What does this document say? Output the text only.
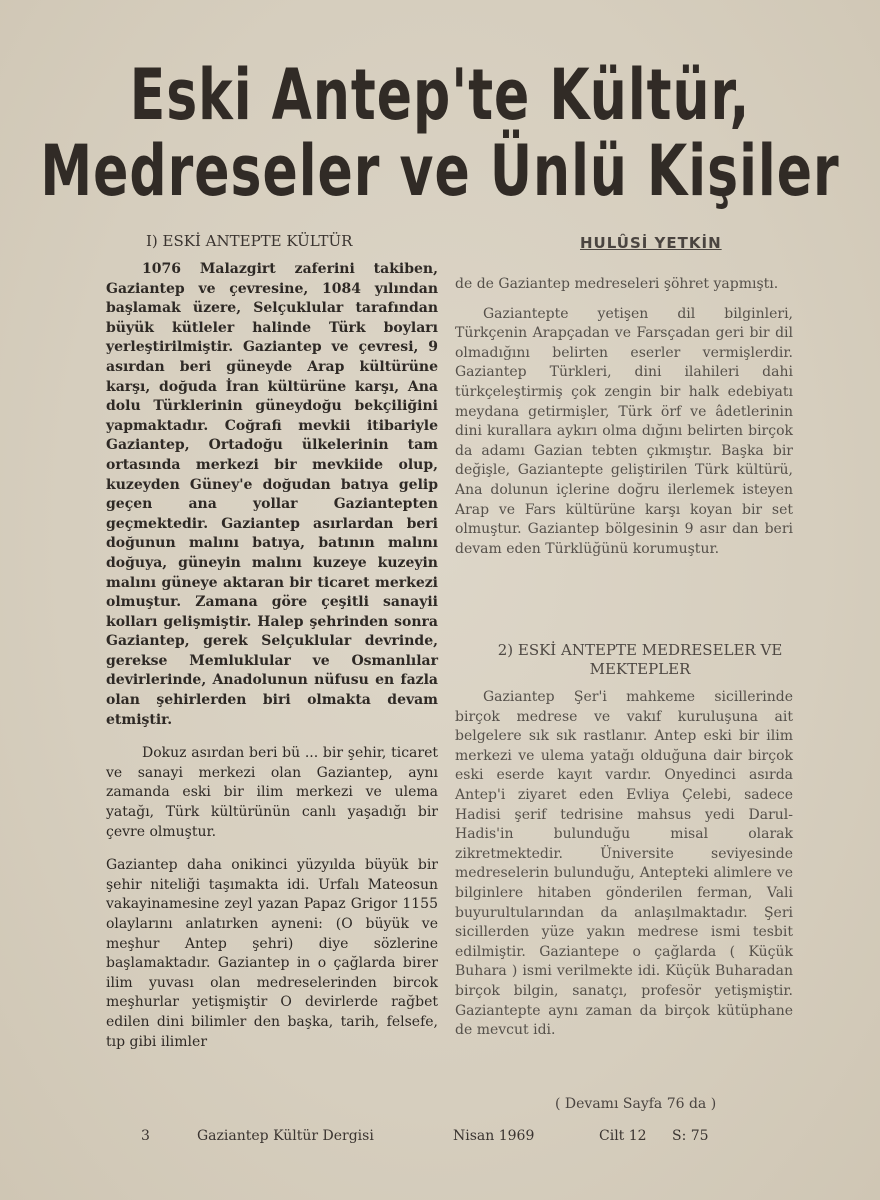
Eski Antep'te Kültür,
Medreseler ve Ünlü Kişiler
I) ESKİ ANTEPTE KÜLTÜR	HULÛSİ YETKİN

1076 Malazgirt zaferini takiben, Gaziantep ve çevresine, 1084 yılından başlamak üzere, Selçuklular tarafından büyük kütleler halinde Türk boyları yerleştirilmiştir. Gaziantep ve çevresi, 9 asırdan beri güneyde Arap kültürüne karşı, doğuda İran kültürüne karşı, Ana dolu Türklerinin güneydoğu bekçiliğini yapmaktadır. Coğrafi mevkii itibariyle Gaziantep, Ortadoğu ülkelerinin tam ortasında merkezi bir mevkiide olup, kuzeyden Güney'e doğudan batıya gelip geçen ana yollar Gaziantepten geçmektedir. Gaziantep asırlardan beri doğunun malını batıya, batının malını doğuya, güneyin malını kuzeye kuzeyin malını güneye aktaran bir ticaret merkezi olmuştur. Zamana göre çeşitli sanayii kolları gelişmiştir. Halep şehrinden sonra Gaziantep, gerek Selçuklular devrinde, gerekse Memluklular ve Osmanlılar devirlerinde, Anadolunun nüfusu en fazla olan şehirlerden biri olmakta devam etmiştir.

Dokuz asırdan beri bü ... bir şehir, ticaret ve sanayi merkezi olan Gaziantep, aynı zamanda eski bir ilim merkezi ve ulema yatağı, Türk kültürünün canlı yaşadığı bir çevre olmuştur.

Gaziantep daha onikinci yüzyılda büyük bir şehir niteliği taşımakta idi. Urfalı Mateosun vakayinamesine zeyl yazan Papaz Grigor 1155 olaylarını anlatırken ayneni: (O büyük ve meşhur Antep şehri) diye sözlerine başlamaktadır. Gaziantep in o çağlarda birer ilim yuvası olan medreselerinden bircok meşhurlar yetişmiştir O devirlerde rağbet edilen dini bilimler den başka, tarih, felsefe, tıp gibi ilimler

de de Gaziantep medreseleri şöhret yapmıştı.

Gaziantepte yetişen dil bilginleri, Türkçenin Arapçadan ve Farsçadan geri bir dil olmadığını belirten eserler vermişlerdir. Gaziantep Türkleri, dini ilahileri dahi türkçeleştirmiş çok zengin bir halk edebiyatı meydana getirmişler, Türk örf ve âdetlerinin dini kurallara aykırı olma dığını belirten birçok da adamı Gazian tebten çıkmıştır. Başka bir değişle, Gaziantepte geliştirilen Türk kültürü, Ana dolunun içlerine doğru ilerlemek isteyen Arap ve Fars kültürüne karşı koyan bir set olmuştur. Gaziantep bölgesinin 9 asır dan beri devam eden Türklüğünü korumuştur.

2) ESKİ ANTEPTE MEDRESELER VE MEKTEPLER

Gaziantep Şer'i mahkeme sicillerinde birçok medrese ve vakıf kuruluşuna ait belgelere sık sık rastlanır. Antep eski bir ilim merkezi ve ulema yatağı olduğuna dair birçok eski eserde kayıt vardır. Onyedinci asırda Antep'i ziyaret eden Evliya Çelebi, sadece Hadisi şerif tedrisine mahsus yedi Darul-Hadis'in bulunduğu misal olarak zikretmektedir. Üniversite seviyesinde medreselerin bulunduğu, Antepteki alimlere ve bilginlere hitaben gönderilen ferman, Vali buyurultularından da anlaşılmaktadır. Şeri sicillerden yüze yakın medrese ismi tesbit edilmiştir. Gaziantepe o çağlarda ( Küçük Buhara ) ismi verilmekte idi. Küçük Buharadan birçok bilgin, sanatçı, profesör yetişmiştir. Gaziantepte aynı zaman da birçok kütüphane de mevcut idi.

( Devamı Sayfa 76 da )
3	Gaziantep Kültür Dergisi	Nisan 1969	Cilt 12 S: 75
